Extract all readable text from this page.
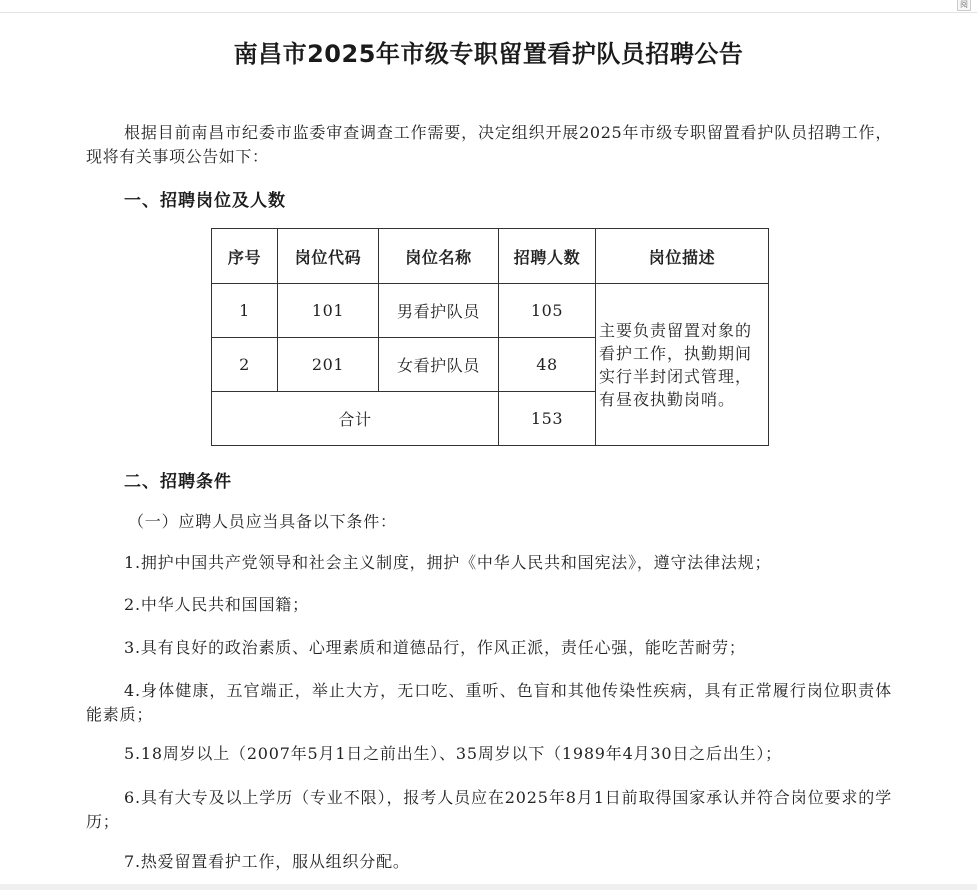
阅
南昌市2025年市级专职留置看护队员招聘公告
根据目前南昌市纪委市监委审查调查工作需要，决定组织开展2025年市级专职留置看护队员招聘工作，现将有关事项公告如下：
一、招聘岗位及人数
序号	岗位代码	岗位名称	招聘人数	岗位描述
1	101	男看护队员	105	主要负责留置对象的看护工作，执勤期间实行半封闭式管理，有昼夜执勤岗哨。
2	201	女看护队员	48	
合计			153	
二、招聘条件
（一）应聘人员应当具备以下条件：
1.拥护中国共产党领导和社会主义制度，拥护《中华人民共和国宪法》，遵守法律法规；
2.中华人民共和国国籍；
3.具有良好的政治素质、心理素质和道德品行，作风正派，责任心强，能吃苦耐劳；
4.身体健康，五官端正，举止大方，无口吃、重听、色盲和其他传染性疾病，具有正常履行岗位职责体能素质；
5.18周岁以上（2007年5月1日之前出生）、35周岁以下（1989年4月30日之后出生）；
6.具有大专及以上学历（专业不限），报考人员应在2025年8月1日前取得国家承认并符合岗位要求的学历；
7.热爱留置看护工作，服从组织分配。
